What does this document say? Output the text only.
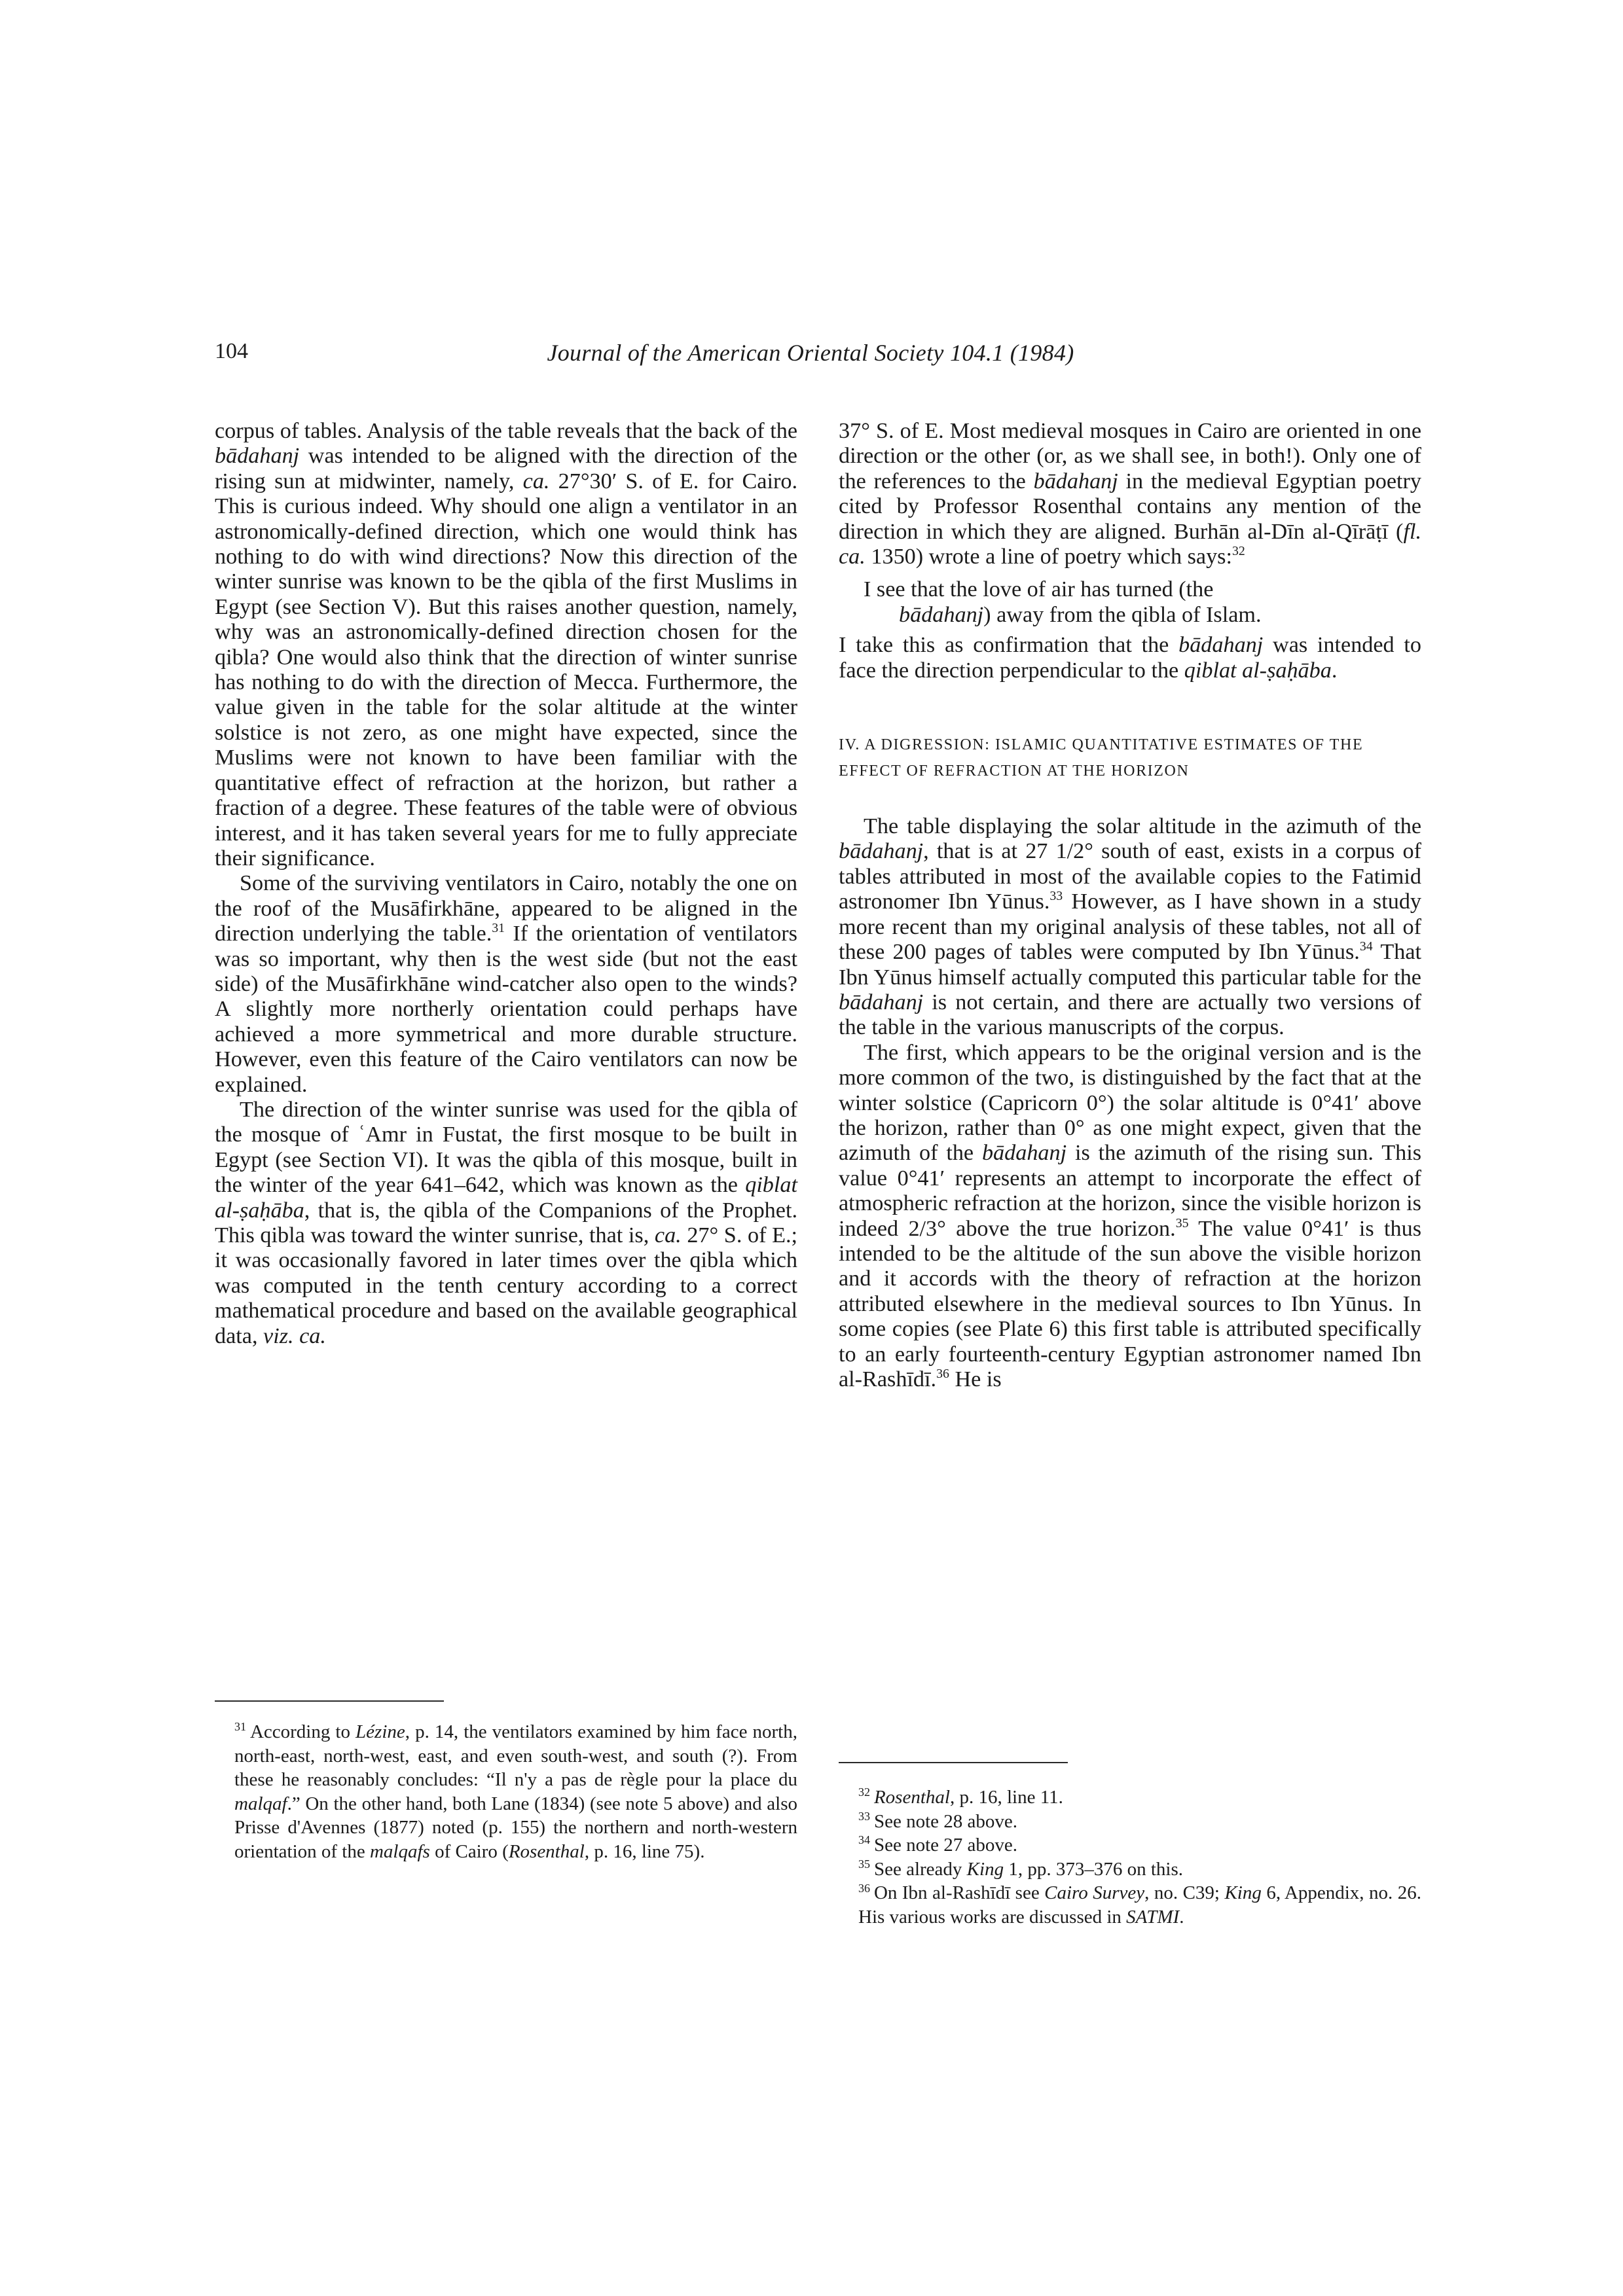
104	Journal of the American Oriental Society 104.1 (1984)

corpus of tables. Analysis of the table reveals that the back of the bādahanj was intended to be aligned with the direction of the rising sun at midwinter, namely, ca. 27°30′ S. of E. for Cairo. This is curious indeed. Why should one align a ventilator in an astronomically-defined direction, which one would think has nothing to do with wind directions? Now this direction of the winter sunrise was known to be the qibla of the first Muslims in Egypt (see Section V). But this raises another question, namely, why was an astronomically-defined direction chosen for the qibla? One would also think that the direction of winter sunrise has nothing to do with the direction of Mecca. Furthermore, the value given in the table for the solar altitude at the winter solstice is not zero, as one might have expected, since the Muslims were not known to have been familiar with the quantitative effect of refraction at the horizon, but rather a fraction of a degree. These features of the table were of obvious interest, and it has taken several years for me to fully appreciate their significance.

Some of the surviving ventilators in Cairo, notably the one on the roof of the Musāfirkhāne, appeared to be aligned in the direction underlying the table.$^{31}$ If the orientation of ventilators was so important, why then is the west side (but not the east side) of the Musāfirkhāne wind-catcher also open to the winds? A slightly more northerly orientation could perhaps have achieved a more symmetrical and more durable structure. However, even this feature of the Cairo ventilators can now be explained.

The direction of the winter sunrise was used for the qibla of the mosque of ʿAmr in Fustat, the first mosque to be built in Egypt (see Section VI). It was the qibla of this mosque, built in the winter of the year 641–642, which was known as the qiblat al-ṣaḥāba, that is, the qibla of the Companions of the Prophet. This qibla was toward the winter sunrise, that is, ca. 27° S. of E.; it was occasionally favored in later times over the qibla which was computed in the tenth century according to a correct mathematical procedure and based on the available geographical data, viz. ca.

37° S. of E. Most medieval mosques in Cairo are oriented in one direction or the other (or, as we shall see, in both!). Only one of the references to the bādahanj in the medieval Egyptian poetry cited by Professor Rosenthal contains any mention of the direction in which they are aligned. Burhān al-Dīn al-Qīrāṭī (fl. ca. 1350) wrote a line of poetry which says:$^{32}$

I see that the love of air has turned (the
bādahanj) away from the qibla of Islam.

I take this as confirmation that the bādahanj was intended to face the direction perpendicular to the qiblat al-ṣaḥāba.

IV. A DIGRESSION: ISLAMIC QUANTITATIVE ESTIMATES OF THE EFFECT OF REFRACTION AT THE HORIZON

The table displaying the solar altitude in the azimuth of the bādahanj, that is at 27 1/2° south of east, exists in a corpus of tables attributed in most of the available copies to the Fatimid astronomer Ibn Yūnus.$^{33}$ However, as I have shown in a study more recent than my original analysis of these tables, not all of these 200 pages of tables were computed by Ibn Yūnus.$^{34}$ That Ibn Yūnus himself actually computed this particular table for the bādahanj is not certain, and there are actually two versions of the table in the various manuscripts of the corpus.

The first, which appears to be the original version and is the more common of the two, is distinguished by the fact that at the winter solstice (Capricorn 0°) the solar altitude is 0°41′ above the horizon, rather than 0° as one might expect, given that the azimuth of the bādahanj is the azimuth of the rising sun. This value 0°41′ represents an attempt to incorporate the effect of atmospheric refraction at the horizon, since the visible horizon is indeed 2/3° above the true horizon.$^{35}$ The value 0°41′ is thus intended to be the altitude of the sun above the visible horizon and it accords with the theory of refraction at the horizon attributed elsewhere in the medieval sources to Ibn Yūnus. In some copies (see Plate 6) this first table is attributed specifically to an early fourteenth-century Egyptian astronomer named Ibn al-Rashīdī.$^{36}$ He is

$^{31}$ According to Lézine, p. 14, the ventilators examined by him face north, north-east, north-west, east, and even south-west, and south (?). From these he reasonably concludes: “Il n'y a pas de règle pour la place du malqaf.” On the other hand, both Lane (1834) (see note 5 above) and also Prisse d'Avennes (1877) noted (p. 155) the northern and north-western orientation of the malqafs of Cairo (Rosenthal, p. 16, line 75).
$^{32}$ Rosenthal, p. 16, line 11.
$^{33}$ See note 28 above.
$^{34}$ See note 27 above.
$^{35}$ See already King 1, pp. 373–376 on this.
$^{36}$ On Ibn al-Rashīdī see Cairo Survey, no. C39; King 6, Appendix, no. 26. His various works are discussed in SATMI.
